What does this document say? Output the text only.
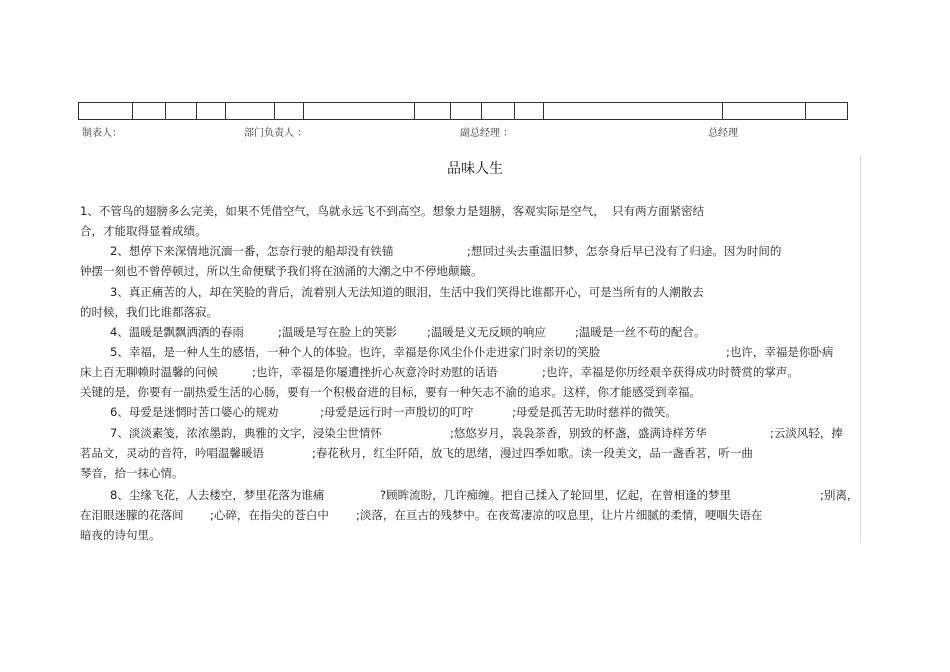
制表人：	部门负责人 ：	副总经理 ：	总经理
品味人生
1、不管鸟的翅膀多么完美，如果不凭借空气，鸟就永远飞不到高空。想象力是翅膀，客观实际是空气，  只有两方面紧密结
合，才能取得显着成绩。
2、想停下来深情地沉湎一番，怎奈行驶的船却没有铁锚	;想回过头去重温旧梦，怎奈身后早已没有了归途。因为时间的
钟摆一刻也不曾停顿过，所以生命便赋予我们将在汹涌的大潮之中不停地颠簸。
3、真正痛苦的人，却在笑脸的背后，流着别人无法知道的眼泪，生活中我们笑得比谁都开心，可是当所有的人潮散去
的时候，我们比谁都落寂。
4、温暖是飘飘洒洒的春雨	;温暖是写在脸上的笑影	;温暖是义无反顾的响应	;温暖是一丝不苟的配合。
5、幸福，是一种人生的感悟，一种个人的体验。也许，幸福是你风尘仆仆走进家门时亲切的笑脸	;也许，幸福是你卧病
床上百无聊赖时温馨的问候	;也许，幸福是你屡遭挫折心灰意冷时劝慰的话语	;也许，幸福是你历经艰辛获得成功时赞赏的掌声。
关键的是，你要有一副热爱生活的心肠，要有一个积极奋进的目标，要有一种矢志不渝的追求。这样，你才能感受到幸福。
6、母爱是迷惘时苦口婆心的规劝	;母爱是远行时一声殷切的叮咛	;母爱是孤苦无助时慈祥的微笑。
7、淡淡素笺，浓浓墨韵，典雅的文字，浸染尘世情怀	;悠悠岁月，袅袅茶香，别致的杯盏，盛满诗样芳华	;云淡风轻，捧
茗品文，灵动的音符，吟唱温馨暖语	;春花秋月，红尘阡陌，放飞的思绪，漫过四季如歌。读一段美文，品一盏香茗，听一曲
琴音，拾一抹心情。
8、尘缘飞花，人去楼空，梦里花落为谁痛	?顾眸流盼，几许痴缠。把自己揉入了轮回里，忆起，在曾相逢的梦里	;别离，
在泪眼迷朦的花落间 ;心碎，在指尖的苍白中 ;淡落，在亘古的残梦中。在夜莺凄凉的叹息里，让片片细腻的柔情，哽咽失语在
暗夜的诗句里。
